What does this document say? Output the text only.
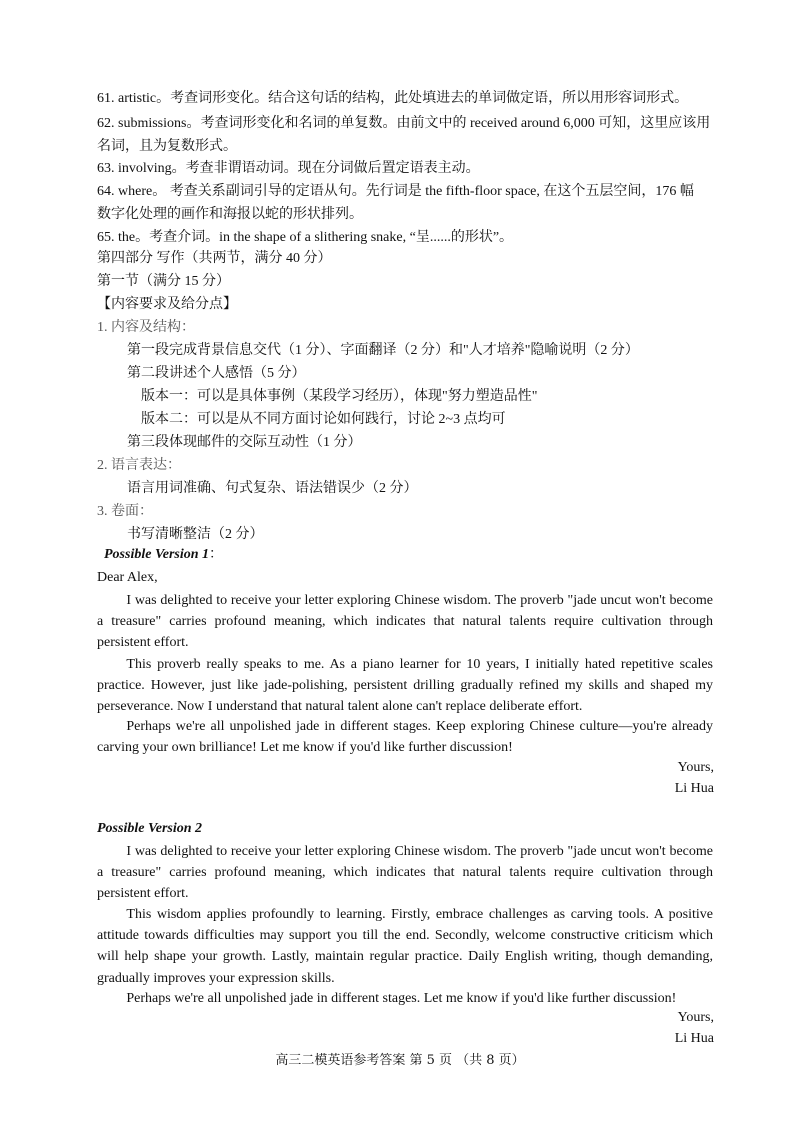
61. artistic。考查词形变化。结合这句话的结构，此处填进去的单词做定语，所以用形容词形式。
62. submissions。考查词形变化和名词的单复数。由前文中的 received around 6,000 可知，这里应该用
名词，且为复数形式。
63. involving。考查非谓语动词。现在分词做后置定语表主动。
64. where。 考查关系副词引导的定语从句。先行词是 the fifth-floor space, 在这个五层空间，176 幅
数字化处理的画作和海报以蛇的形状排列。
65. the。考查介词。in the shape of a slithering snake, “呈......的形状”。
第四部分 写作（共两节，满分 40 分）
第一节（满分 15 分）
【内容要求及给分点】
1. 内容及结构：
第一段完成背景信息交代（1 分）、字面翻译（2 分）和"人才培养"隐喻说明（2 分）
第二段讲述个人感悟（5 分）
版本一：可以是具体事例（某段学习经历），体现"努力塑造品性"
版本二：可以是从不同方面讨论如何践行，讨论 2~3 点均可
第三段体现邮件的交际互动性（1 分）
2. 语言表达：
语言用词准确、句式复杂、语法错误少（2 分）
3. 卷面：
书写清晰整洁（2 分）
Possible Version 1：
Dear Alex,
I was delighted to receive your letter exploring Chinese wisdom. The proverb "jade uncut won't become a treasure" carries profound meaning, which indicates that natural talents require cultivation through persistent effort.
This proverb really speaks to me. As a piano learner for 10 years, I initially hated repetitive scales practice. However, just like jade-polishing, persistent drilling gradually refined my skills and shaped my perseverance. Now I understand that natural talent alone can't replace deliberate effort.
Perhaps we're all unpolished jade in different stages. Keep exploring Chinese culture—you're already carving your own brilliance! Let me know if you'd like further discussion!
Yours,
Li Hua
Possible Version 2
I was delighted to receive your letter exploring Chinese wisdom. The proverb "jade uncut won't become a treasure" carries profound meaning, which indicates that natural talents require cultivation through persistent effort.
This wisdom applies profoundly to learning. Firstly, embrace challenges as carving tools. A positive attitude towards difficulties may support you till the end. Secondly, welcome constructive criticism which will help shape your growth. Lastly, maintain regular practice. Daily English writing, though demanding, gradually improves your expression skills.
Perhaps we're all unpolished jade in different stages. Let me know if you'd like further discussion!
Yours,
Li Hua
高三二模英语参考答案 第 5 页 （共 8 页）
